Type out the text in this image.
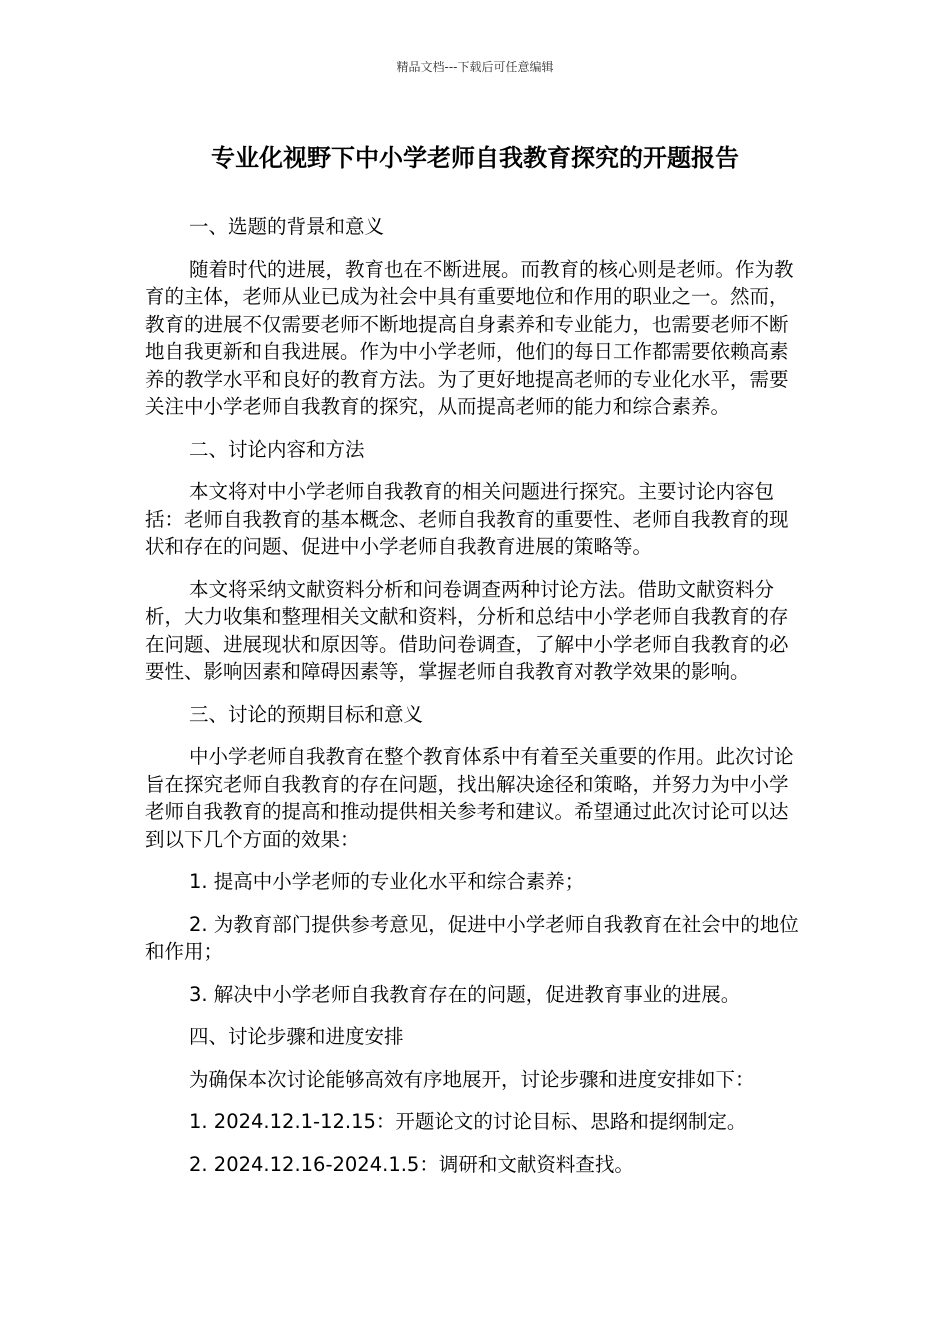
精品文档---下载后可任意编辑
专业化视野下中小学老师自我教育探究的开题报告

一、选题的背景和意义

随着时代的进展，教育也在不断进展。而教育的核心则是老师。作为教育的主体，老师从业已成为社会中具有重要地位和作用的职业之一。然而，教育的进展不仅需要老师不断地提高自身素养和专业能力，也需要老师不断地自我更新和自我进展。作为中小学老师，他们的每日工作都需要依赖高素养的教学水平和良好的教育方法。为了更好地提高老师的专业化水平，需要关注中小学老师自我教育的探究，从而提高老师的能力和综合素养。

二、讨论内容和方法

本文将对中小学老师自我教育的相关问题进行探究。主要讨论内容包括：老师自我教育的基本概念、老师自我教育的重要性、老师自我教育的现状和存在的问题、促进中小学老师自我教育进展的策略等。

本文将采纳文献资料分析和问卷调查两种讨论方法。借助文献资料分析，大力收集和整理相关文献和资料，分析和总结中小学老师自我教育的存在问题、进展现状和原因等。借助问卷调查，了解中小学老师自我教育的必要性、影响因素和障碍因素等，掌握老师自我教育对教学效果的影响。

三、讨论的预期目标和意义

中小学老师自我教育在整个教育体系中有着至关重要的作用。此次讨论旨在探究老师自我教育的存在问题，找出解决途径和策略，并努力为中小学老师自我教育的提高和推动提供相关参考和建议。希望通过此次讨论可以达到以下几个方面的效果：

1. 提高中小学老师的专业化水平和综合素养；

2. 为教育部门提供参考意见，促进中小学老师自我教育在社会中的地位和作用；

3. 解决中小学老师自我教育存在的问题，促进教育事业的进展。

四、讨论步骤和进度安排

为确保本次讨论能够高效有序地展开，讨论步骤和进度安排如下：

1. 2024.12.1-12.15：开题论文的讨论目标、思路和提纲制定。

2. 2024.12.16-2024.1.5：调研和文献资料查找。
